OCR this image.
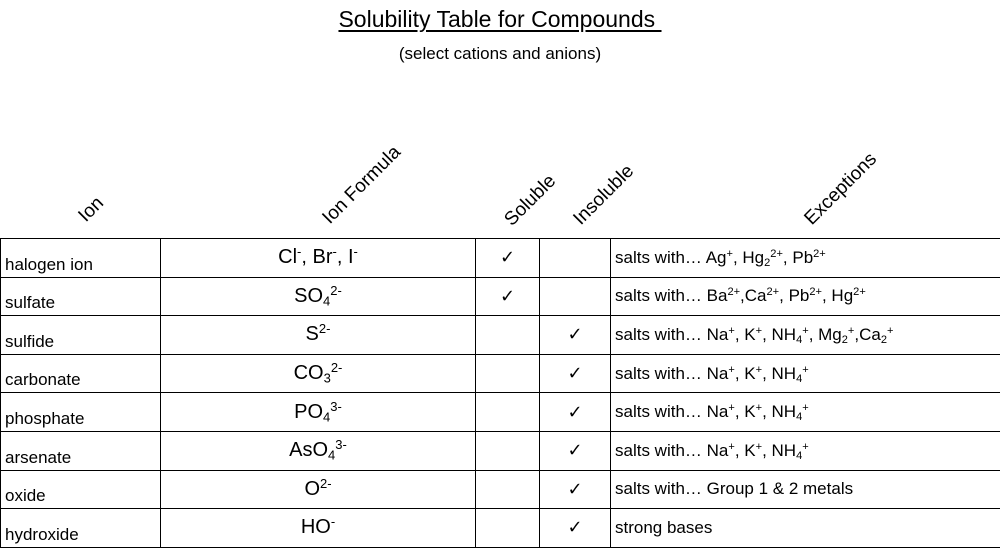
Solubility Table for Compounds
(select cations and anions)
Ion	Ion Formula	Soluble Insoluble	Exceptions
halogen ion	Cl-, Br-, I-	✓		salts with… Ag+, $Hg_2^{2+}$, $Pb^{2+}$
sulfate	$SO_4^{2-}$	✓		salts with… $Ba^{2+},Ca^{2+}$, $Pb^{2+}$, $Hg^{2+}$
sulfide	$S^{2-}$		✓	salts with… Na+, K+, $NH_4^+$, $Mg_2^+,Ca_2^+$
carbonate	$CO_3^{2-}$		✓	salts with… Na+, K+, $NH_4^+$
phosphate	$PO_4^{3-}$		✓	salts with… Na+, K+, $NH_4^+$
arsenate	AsO$_4^{3-}$		✓	salts with… Na+, K+, $NH_4^+$
oxide	$O^{2-}$		✓	salts with… Group 1 & 2 metals
hydroxide	HO-		✓	strong bases
